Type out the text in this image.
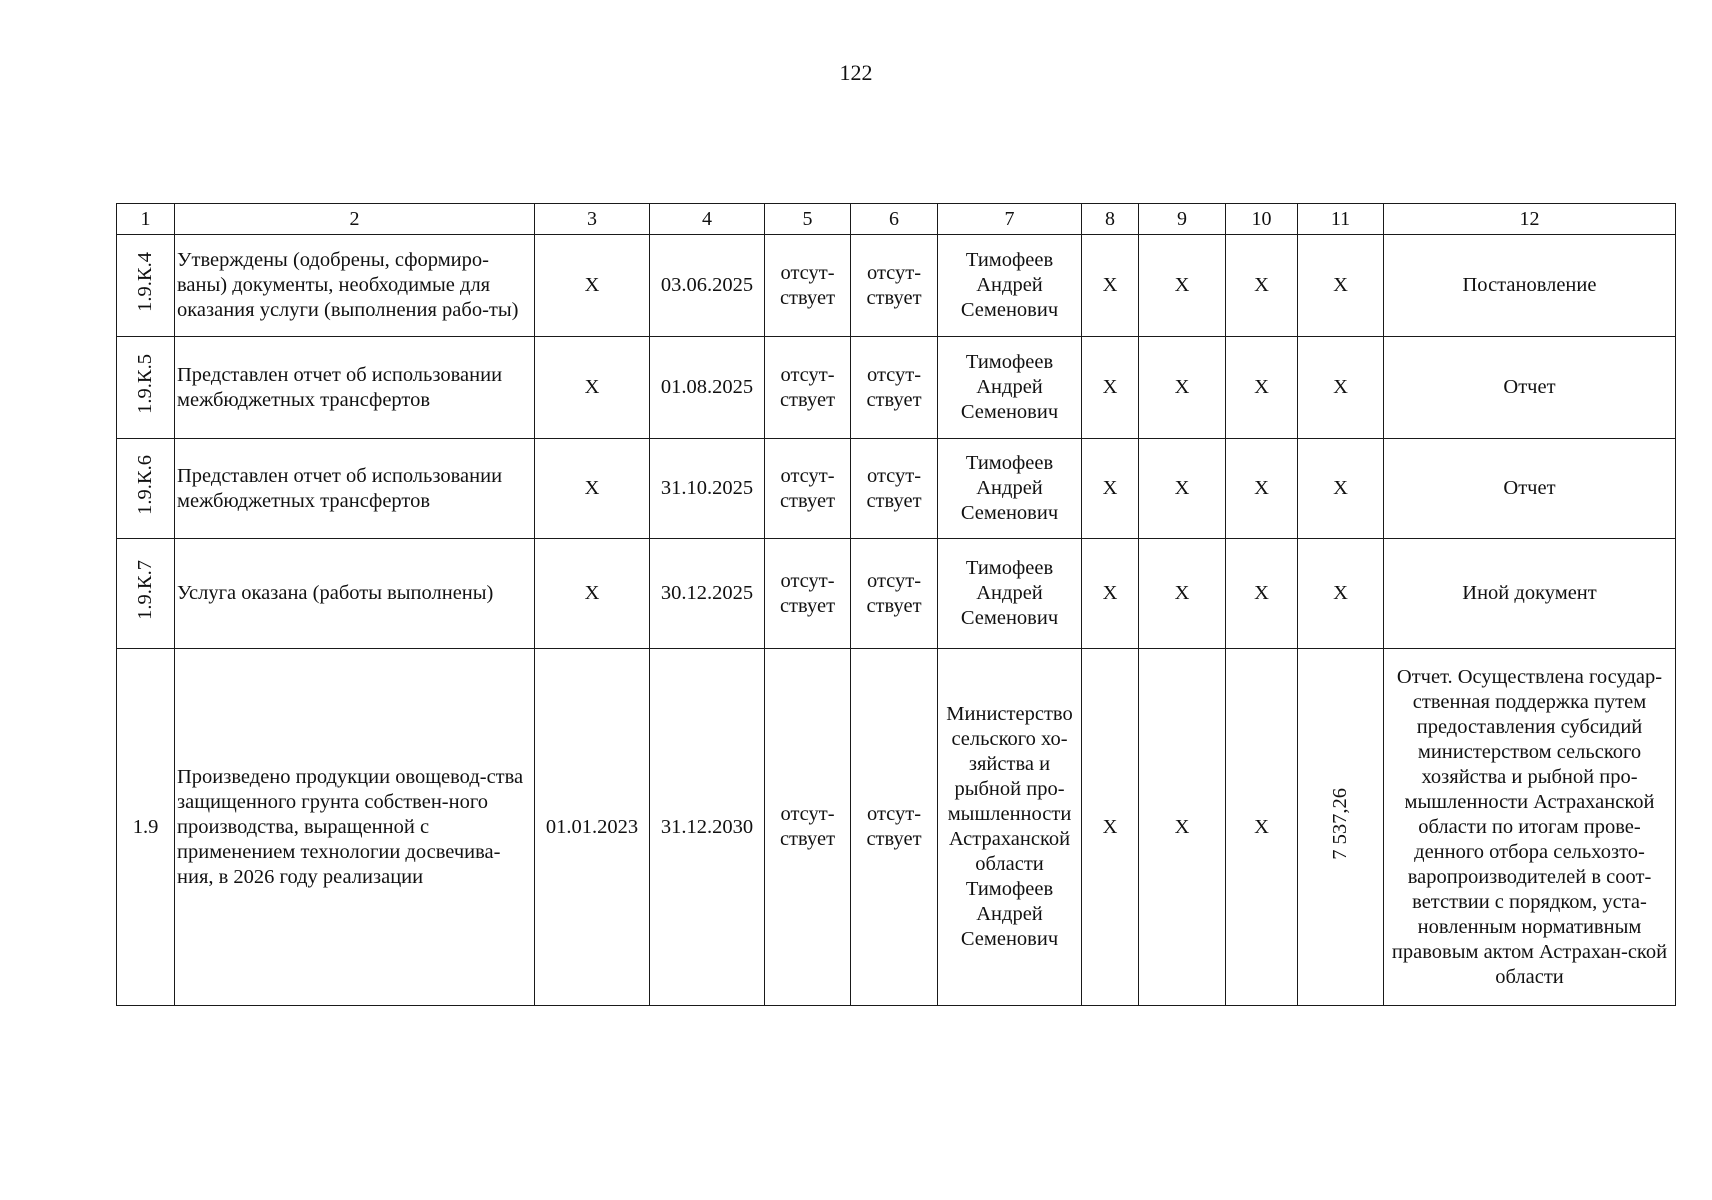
122
1	2	3	4	5	6	7	8	9	10	11	12
1.9.К.4	Утверждены (одобрены, сформиро-ваны) документы, необходимые для оказания услуги (выполнения рабо-ты)	X	03.06.2025	отсут-ствует	отсут-ствует	Тимофеев Андрей Семенович	X	X	X	X	Постановление
1.9.К.5	Представлен отчет об использовании межбюджетных трансфертов	X	01.08.2025	отсут-ствует	отсут-ствует	Тимофеев Андрей Семенович	X	X	X	X	Отчет
1.9.К.6	Представлен отчет об использовании межбюджетных трансфертов	X	31.10.2025	отсут-ствует	отсут-ствует	Тимофеев Андрей Семенович	X	X	X	X	Отчет
1.9.К.7	Услуга оказана (работы выполнены)	X	30.12.2025	отсут-ствует	отсут-ствует	Тимофеев Андрей Семенович	X	X	X	X	Иной документ
1.9	Произведено продукции овощевод-ства защищенного грунта собствен-ного производства, выращенной с применением технологии досвечива-ния, в 2026 году реализации	01.01.2023	31.12.2030	отсут-ствует	отсут-ствует	Министерство сельского хо-зяйства и рыбной про-мышленности Астраханской области Тимофеев Андрей Семенович	X	X	X	7 537,26	Отчет. Осуществлена государ-ственная поддержка путем предоставления субсидий министерством сельского хозяйства и рыбной про-мышленности Астраханской области по итогам прове-денного отбора сельхозто-варопроизводителей в соот-ветствии с порядком, уста-новленным нормативным правовым актом Астрахан-ской области
